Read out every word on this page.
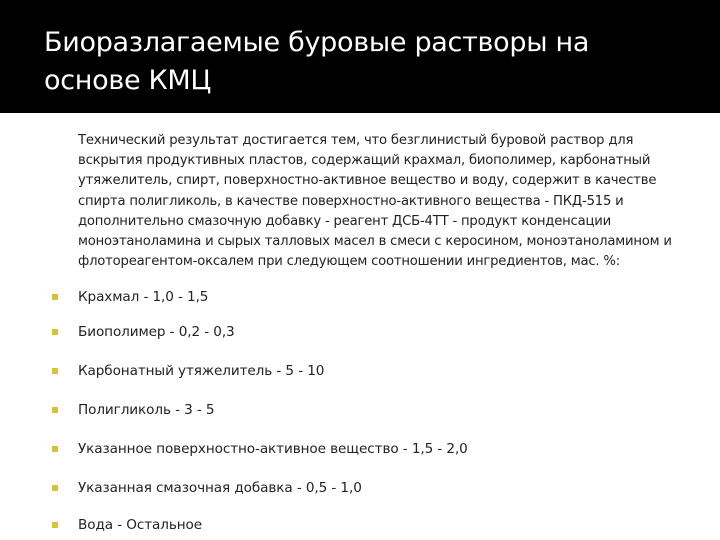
Биоразлагаемые буровые растворы на основе КМЦ

Технический результат достигается тем, что безглинистый буровой раствор для вскрытия продуктивных пластов, содержащий крахмал, биополимер, карбонатный утяжелитель, спирт, поверхностно-активное вещество и воду, содержит в качестве спирта полигликоль, в качестве поверхностно-активного вещества - ПКД-515 и дополнительно смазочную добавку - реагент ДСБ-4ТТ - продукт конденсации моноэтаноламина и сырых талловых масел в смеси с керосином, моноэтаноламином и флотореагентом-оксалем при следующем соотношении ингредиентов, мас. %:

Крахмал - 1,0 - 1,5
Биополимер - 0,2 - 0,3
Карбонатный утяжелитель - 5 - 10
Полигликоль - 3 - 5
Указанное поверхностно-активное вещество - 1,5 - 2,0
Указанная смазочная добавка - 0,5 - 1,0
Вода - Остальное
